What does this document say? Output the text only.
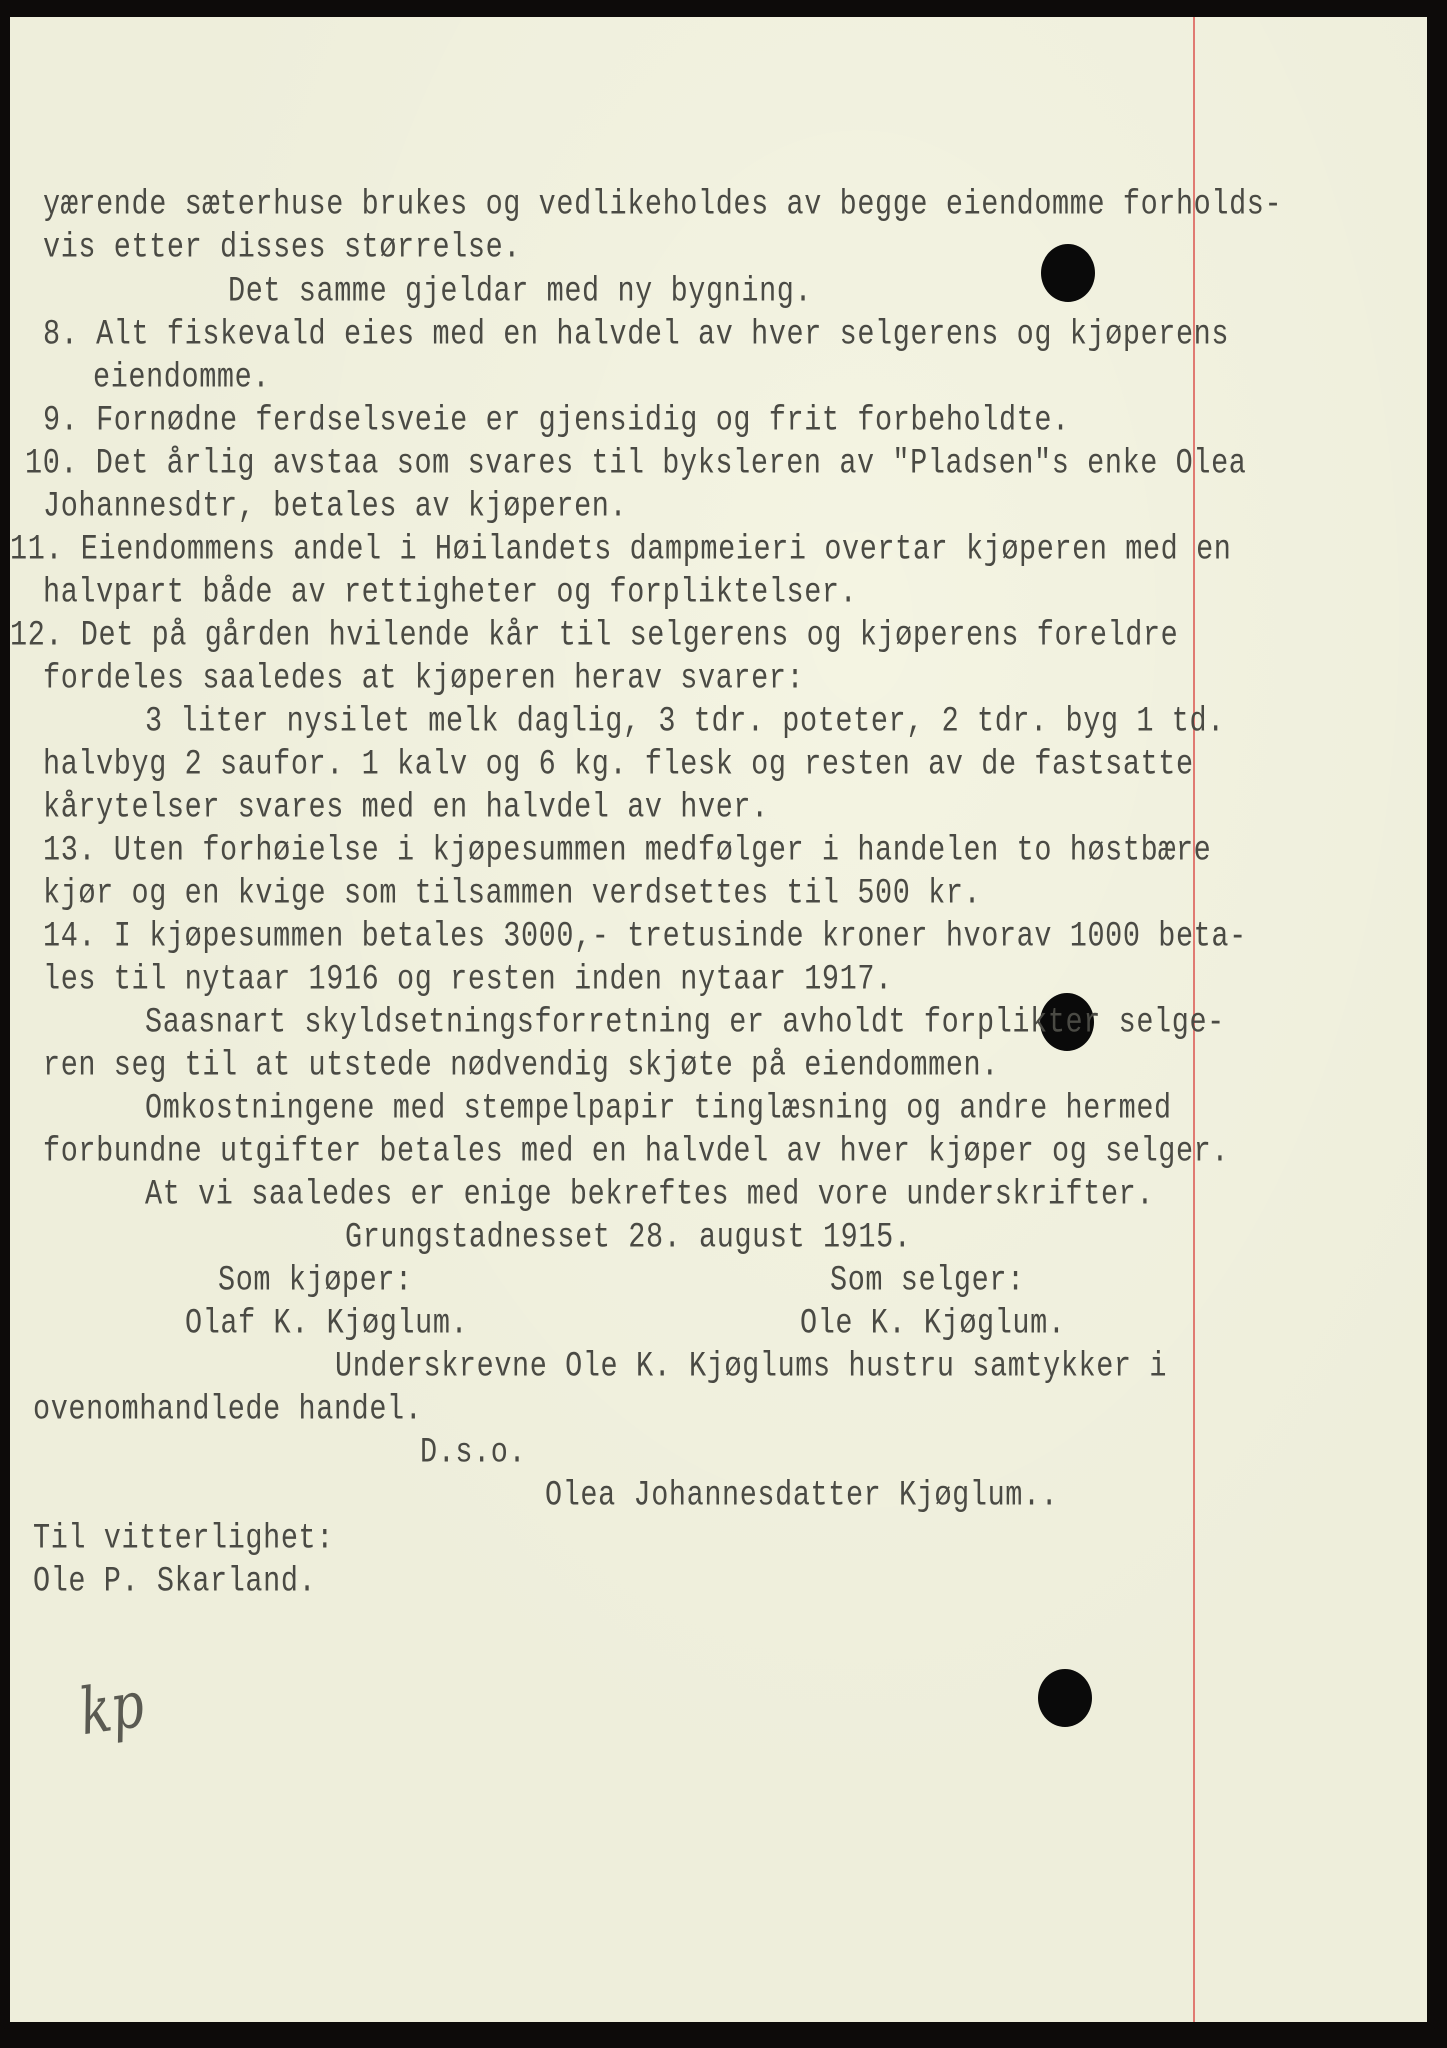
yærende sæterhuse brukes og vedlikeholdes av begge eiendomme forholds-
vis etter disses størrelse.
Det samme gjeldar med ny bygning.
8. Alt fiskevald eies med en halvdel av hver selgerens og kjøperens
eiendomme.
9. Fornødne ferdselsveie er gjensidig og frit forbeholdte.
10. Det årlig avstaa som svares til byksleren av "Pladsen"s enke Olea
Johannesdtr, betales av kjøperen.
11. Eiendommens andel i Høilandets dampmeieri overtar kjøperen med en
halvpart både av rettigheter og forpliktelser.
12. Det på gården hvilende kår til selgerens og kjøperens foreldre
fordeles saaledes at kjøperen herav svarer:
3 liter nysilet melk daglig, 3 tdr. poteter, 2 tdr. byg 1 td.
halvbyg 2 saufor. 1 kalv og 6 kg. flesk og resten av de fastsatte
kårytelser svares med en halvdel av hver.
13. Uten forhøielse i kjøpesummen medfølger i handelen to høstbære
kjør og en kvige som tilsammen verdsettes til 500 kr.
14. I kjøpesummen betales 3000,- tretusinde kroner hvorav 1000 beta-
les til nytaar 1916 og resten inden nytaar 1917.
Saasnart skyldsetningsforretning er avholdt forplikter selge-
ren seg til at utstede nødvendig skjøte på eiendommen.
Omkostningene med stempelpapir tinglæsning og andre hermed
forbundne utgifter betales med en halvdel av hver kjøper og selger.
At vi saaledes er enige bekreftes med vore underskrifter.
Grungstadnesset 28. august 1915.
Som kjøper:	Som selger:
Olaf K. Kjøglum.	Ole K. Kjøglum.
Underskrevne Ole K. Kjøglums hustru samtykker i
ovenomhandlede handel.
D.s.o.
Olea Johannesdatter Kjøglum..
Til vitterlighet:
Ole P. Skarland.
kp
